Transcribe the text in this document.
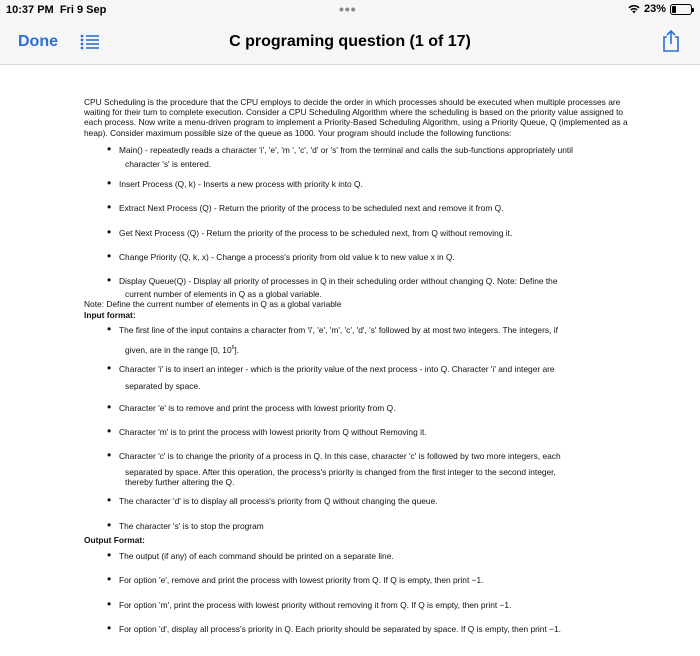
10:37 PM Fri 9 Sep	•••	23%
Done	C programing question (1 of 17)

CPU Scheduling is the procedure that the CPU employs to decide the order in which processes should be executed when multiple processes are waiting for their turn to complete execution. Consider a CPU Scheduling Algorithm where the scheduling is based on the priority value assigned to each process. Now write a menu-driven program to implement a Priority-Based Scheduling Algorithm, using a Priority Queue, Q (implemented as a heap). Consider maximum possible size of the queue as 1000. Your program should include the following functions:

• Main() - repeatedly reads a character 'i', 'e', 'm ', 'c', 'd' or 's' from the terminal and calls the sub-functions appropriately until
character 's' is entered.
• Insert Process (Q, k) - Inserts a new process with priority k into Q.
• Extract Next Process (Q) - Return the priority of the process to be scheduled next and remove it from Q.
• Get Next Process (Q) - Return the priority of the process to be scheduled next, from Q without removing it.
• Change Priority (Q, k, x) - Change a process's priority from old value k to new value x in Q.
• Display Queue(Q) - Display all priority of processes in Q in their scheduling order without changing Q. Note: Define the
current number of elements in Q as a global variable.

Note: Define the current number of elements in Q as a global variable

Input format:

• The first line of the input contains a character from 'i', 'e', 'm', 'c', 'd', 's' followed by at most two integers. The integers, if
given, are in the range [0, $10^6$].
• Character 'i' is to insert an integer - which is the priority value of the next process - into Q. Character 'i' and integer are
separated by space.
• Character 'e' is to remove and print the process with lowest priority from Q.
• Character 'm' is to print the process with lowest priority from Q without Removing it.
• Character 'c' is to change the priority of a process in Q. In this case, character 'c' is followed by two more integers, each
separated by space. After this operation, the process's priority is changed from the first integer to the second integer,
thereby further altering the Q.
• The character 'd' is to display all process's priority from Q without changing the queue.
• The character 's' is to stop the program

Output Format:

• The output (if any) of each command should be printed on a separate line.
• For option 'e', remove and print the process with lowest priority from Q. If Q is empty, then print −1.
• For option 'm', print the process with lowest priority without removing it from Q. If Q is empty, then print −1.
• For option 'd', display all process's priority in Q. Each priority should be separated by space. If Q is empty, then print −1.
